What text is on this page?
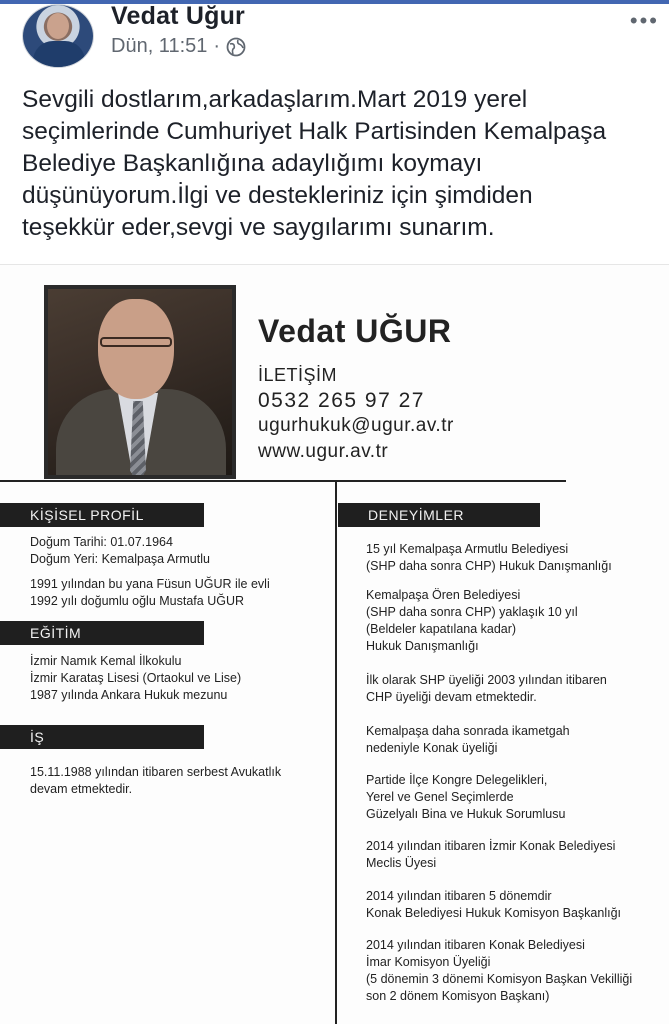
Vedat Uğur
Dün, 11:51 ·
•••
Sevgili dostlarım,arkadaşlarım.Mart 2019 yerel
seçimlerinde Cumhuriyet Halk Partisinden Kemalpaşa
Belediye Başkanlığına adaylığımı koymayı
düşünüyorum.İlgi ve destekleriniz için şimdiden
teşekkür eder,sevgi ve saygılarımı sunarım.
Vedat UĞUR
İLETİŞİM
0532 265 97 27
ugurhukuk@ugur.av.tr
www.ugur.av.tr
KİŞİSEL PROFİL	DENEYİMLER
Doğum Tarihi: 01.07.1964
Doğum Yeri: Kemalpaşa Armutlu
1991 yılından bu yana Füsun UĞUR ile evli
1992 yılı doğumlu oğlu Mustafa UĞUR
EĞİTİM
İzmir Namık Kemal İlkokulu
İzmir Karataş Lisesi (Ortaokul ve Lise)
1987 yılında Ankara Hukuk mezunu
İŞ
15.11.1988 yılından itibaren serbest Avukatlık
devam etmektedir.
15 yıl Kemalpaşa Armutlu Belediyesi
(SHP daha sonra CHP) Hukuk Danışmanlığı
Kemalpaşa Ören Belediyesi
(SHP daha sonra CHP) yaklaşık 10 yıl
(Beldeler kapatılana kadar)
Hukuk Danışmanlığı
İlk olarak SHP üyeliği 2003 yılından itibaren
CHP üyeliği devam etmektedir.
Kemalpaşa daha sonrada ikametgah
nedeniyle Konak üyeliği
Partide İlçe Kongre Delegelikleri,
Yerel ve Genel Seçimlerde
Güzelyalı Bina ve Hukuk Sorumlusu
2014 yılından itibaren İzmir Konak Belediyesi
Meclis Üyesi
2014 yılından itibaren 5 dönemdir
Konak Belediyesi Hukuk Komisyon Başkanlığı
2014 yılından itibaren Konak Belediyesi
İmar Komisyon Üyeliği
(5 dönemin 3 dönemi Komisyon Başkan Vekilliği
son 2 dönem Komisyon Başkanı)
